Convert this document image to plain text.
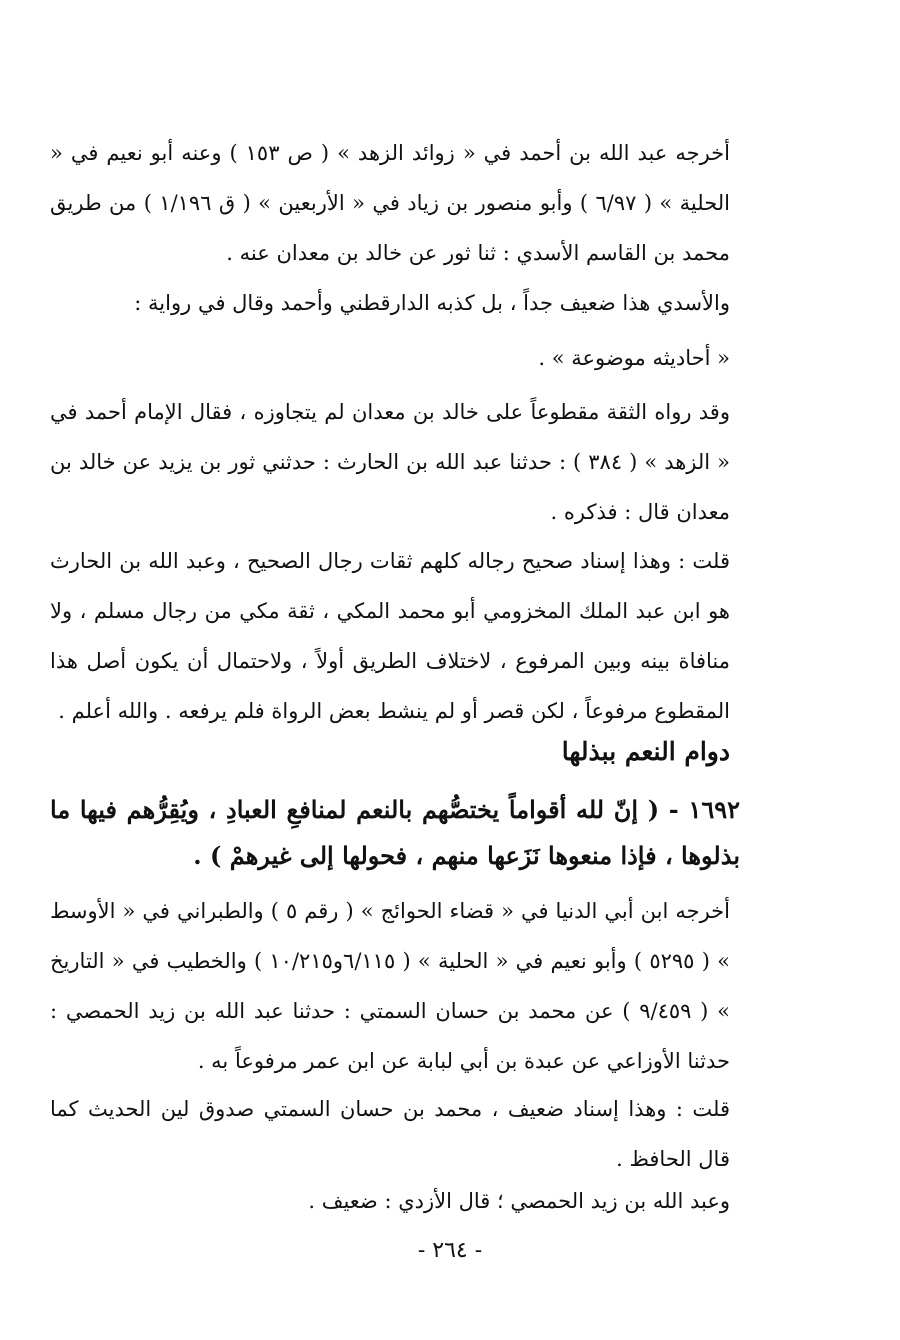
أخرجه عبد الله بن أحمد في « زوائد الزهد » ( ص ١٥٣ ) وعنه أبو نعيم في « الحلية » ( ٦/٩٧ ) وأبو منصور بن زياد في « الأربعين » ( ق ١/١٩٦ ) من طريق محمد بن القاسم الأسدي : ثنا ثور عن خالد بن معدان عنه .
والأسدي هذا ضعيف جداً ، بل كذبه الدارقطني وأحمد وقال في رواية :
« أحاديثه موضوعة » .
وقد رواه الثقة مقطوعاً على خالد بن معدان لم يتجاوزه ، فقال الإمام أحمد في « الزهد » ( ٣٨٤ ) : حدثنا عبد الله بن الحارث : حدثني ثور بن يزيد عن خالد بن معدان قال : فذكره .
قلت : وهذا إسناد صحيح رجاله كلهم ثقات رجال الصحيح ، وعبد الله بن الحارث هو ابن عبد الملك المخزومي أبو محمد المكي ، ثقة مكي من رجال مسلم ، ولا منافاة بينه وبين المرفوع ، لاختلاف الطريق أولاً ، ولاحتمال أن يكون أصل هذا المقطوع مرفوعاً ، لكن قصر أو لم ينشط بعض الرواة فلم يرفعه . والله أعلم .
دوام النعم ببذلها
١٦٩٢ - ( إنّ لله أقواماً يختصُّهم بالنعم لمنافعِ العبادِ ، ويُقِرُّهم فيها ما بذلوها ، فإذا منعوها نَزَعها منهم ، فحولها إلى غيرهمْ ) .
أخرجه ابن أبي الدنيا في « قضاء الحوائج » ( رقم ٥ ) والطبراني في « الأوسط » ( ٥٢٩٥ ) وأبو نعيم في « الحلية » ( ٦/١١٥و١٠/٢١٥ ) والخطيب في « التاريخ » ( ٩/٤٥٩ ) عن محمد بن حسان السمتي : حدثنا عبد الله بن زيد الحمصي : حدثنا الأوزاعي عن عبدة بن أبي لبابة عن ابن عمر مرفوعاً به .
قلت : وهذا إسناد ضعيف ، محمد بن حسان السمتي صدوق لين الحديث كما قال الحافظ .
وعبد الله بن زيد الحمصي ؛ قال الأزدي : ضعيف .
- ٢٦٤ -
